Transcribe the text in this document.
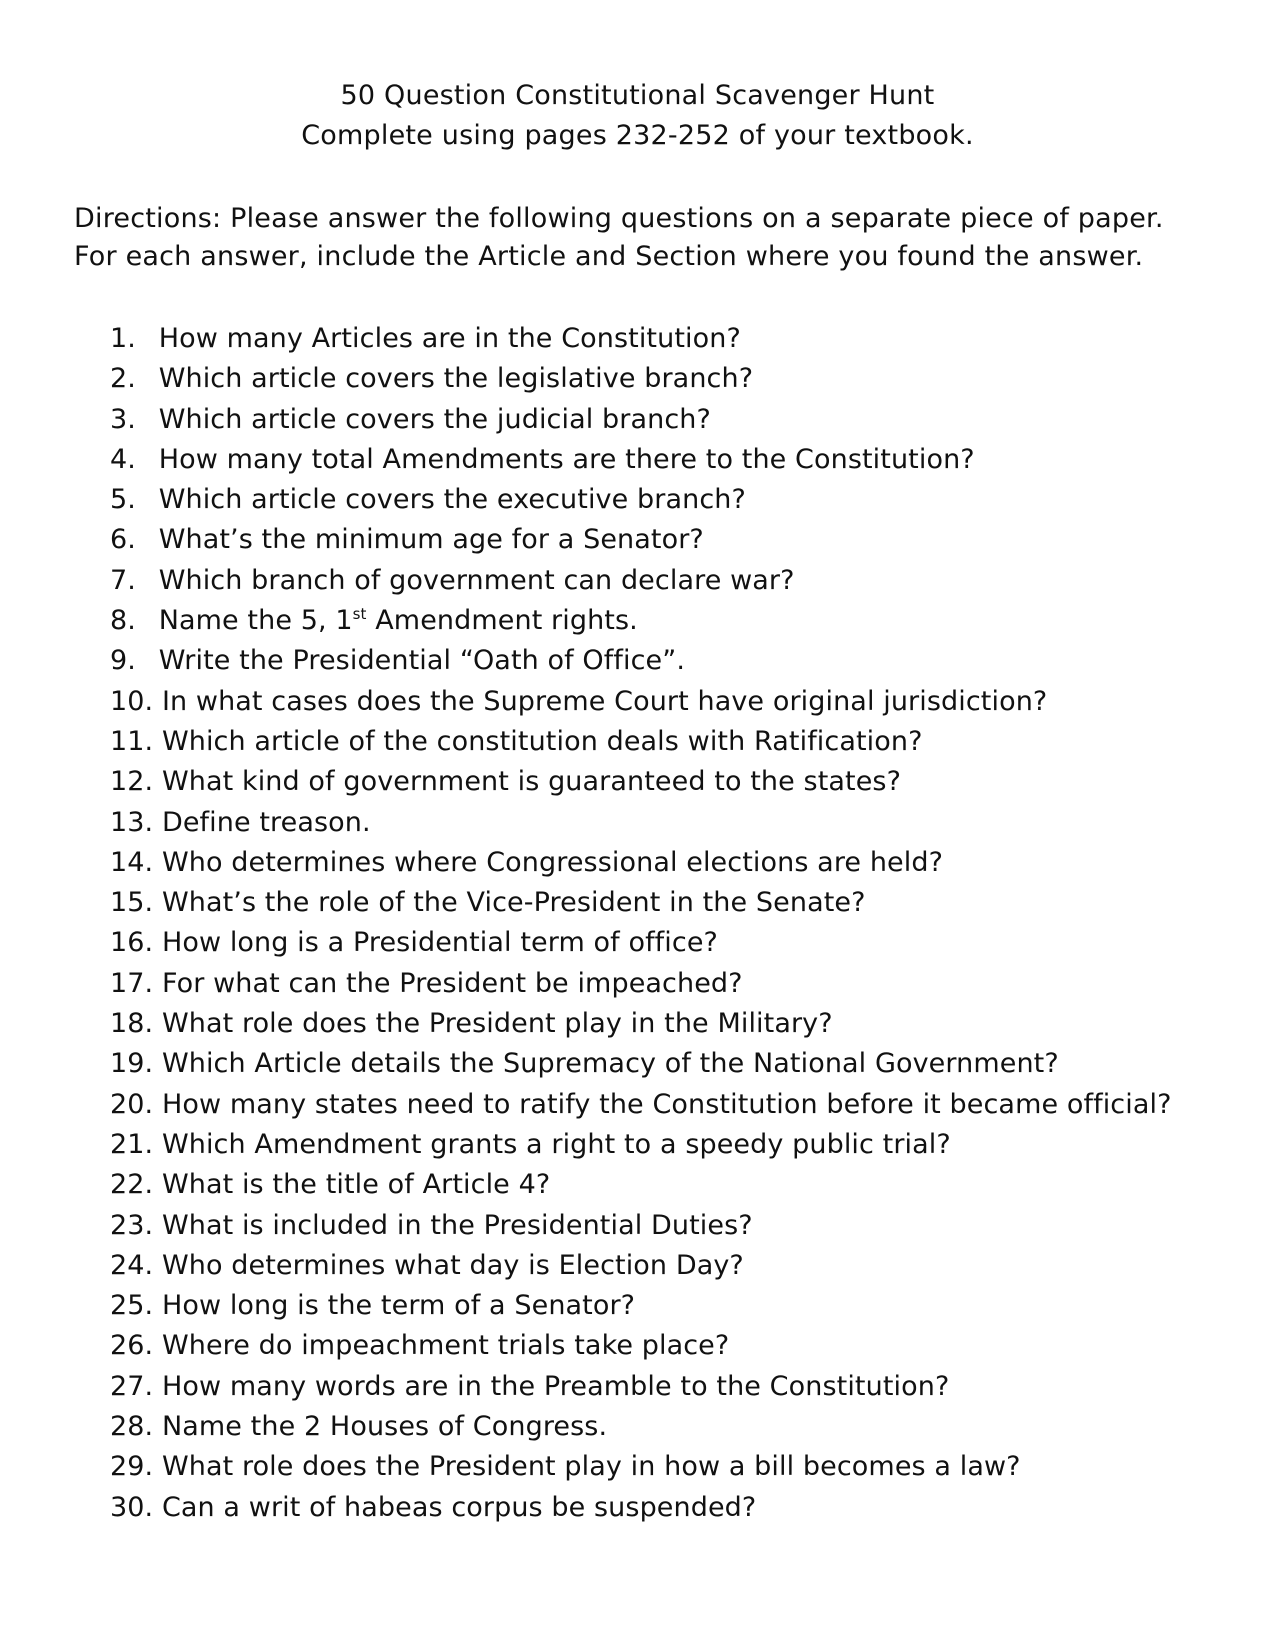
50 Question Constitutional Scavenger Hunt
Complete using pages 232-252 of your textbook.
Directions: Please answer the following questions on a separate piece of paper. For each answer, include the Article and Section where you found the answer.
1. How many Articles are in the Constitution?
2. Which article covers the legislative branch?
3. Which article covers the judicial branch?
4. How many total Amendments are there to the Constitution?
5. Which article covers the executive branch?
6. What’s the minimum age for a Senator?
7. Which branch of government can declare war?
8. Name the 5, 1st Amendment rights.
9. Write the Presidential “Oath of Office”.
10. In what cases does the Supreme Court have original jurisdiction?
11. Which article of the constitution deals with Ratification?
12. What kind of government is guaranteed to the states?
13. Define treason.
14. Who determines where Congressional elections are held?
15. What’s the role of the Vice-President in the Senate?
16. How long is a Presidential term of office?
17. For what can the President be impeached?
18. What role does the President play in the Military?
19. Which Article details the Supremacy of the National Government?
20. How many states need to ratify the Constitution before it became official?
21. Which Amendment grants a right to a speedy public trial?
22. What is the title of Article 4?
23. What is included in the Presidential Duties?
24. Who determines what day is Election Day?
25. How long is the term of a Senator?
26. Where do impeachment trials take place?
27. How many words are in the Preamble to the Constitution?
28. Name the 2 Houses of Congress.
29. What role does the President play in how a bill becomes a law?
30. Can a writ of habeas corpus be suspended?
